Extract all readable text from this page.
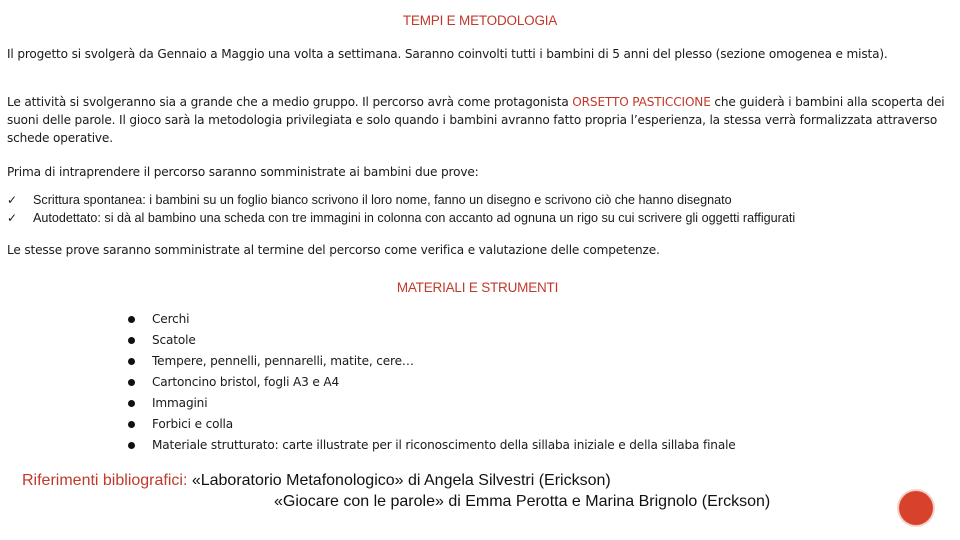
TEMPI E METODOLOGIA
Il progetto si svolgerà da Gennaio a Maggio una volta a settimana. Saranno coinvolti tutti i bambini di 5 anni del plesso (sezione omogenea e mista).
Le attività si svolgeranno sia a grande che a medio gruppo. Il percorso avrà come protagonista ORSETTO PASTICCIONE che guiderà i bambini alla scoperta dei suoni delle parole. Il gioco sarà la metodologia privilegiata e solo quando i bambini avranno fatto propria l’esperienza, la stessa verrà formalizzata attraverso schede operative.
Prima di intraprendere il percorso saranno somministrate ai bambini due prove:
✓	Scrittura spontanea: i bambini su un foglio bianco scrivono il loro nome, fanno un disegno e scrivono ciò che hanno disegnato
✓	Autodettato: si dà al bambino una scheda con tre immagini in colonna con accanto ad ognuna un rigo su cui scrivere gli oggetti raffigurati
Le stesse prove saranno somministrate al termine del percorso come verifica e valutazione delle competenze.
MATERIALI E STRUMENTI
Cerchi
Scatole
Tempere, pennelli, pennarelli, matite, cere…
Cartoncino bristol, fogli A3 e A4
Immagini
Forbici e colla
Materiale strutturato: carte illustrate per il riconoscimento della sillaba iniziale e della sillaba finale
Riferimenti bibliografici: «Laboratorio Metafonologico» di Angela Silvestri (Erickson)
«Giocare con le parole» di Emma Perotta e Marina Brignolo (Erckson)
